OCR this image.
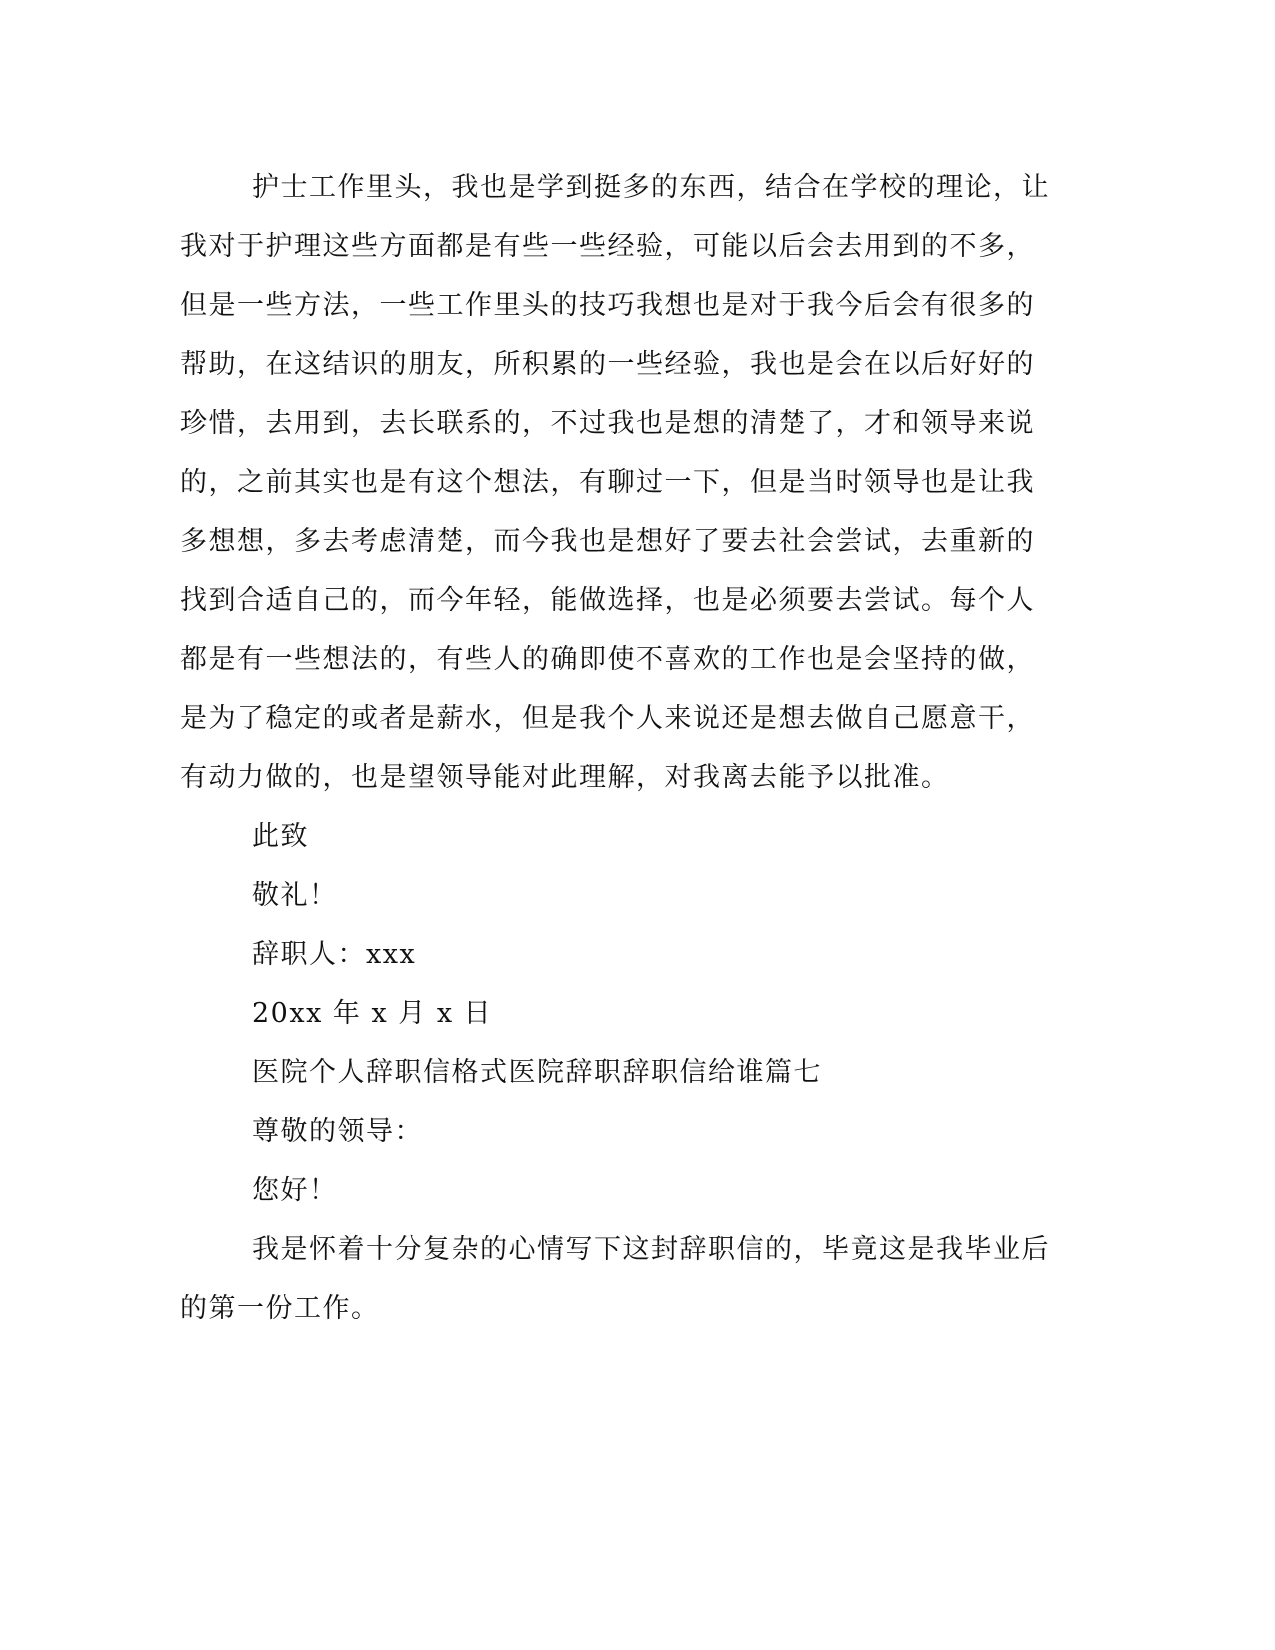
护士工作里头，我也是学到挺多的东西，结合在学校的理论，让
我对于护理这些方面都是有些一些经验，可能以后会去用到的不多，
但是一些方法，一些工作里头的技巧我想也是对于我今后会有很多的
帮助，在这结识的朋友，所积累的一些经验，我也是会在以后好好的
珍惜，去用到，去长联系的，不过我也是想的清楚了，才和领导来说
的，之前其实也是有这个想法，有聊过一下，但是当时领导也是让我
多想想，多去考虑清楚，而今我也是想好了要去社会尝试，去重新的
找到合适自己的，而今年轻，能做选择，也是必须要去尝试。每个人
都是有一些想法的，有些人的确即使不喜欢的工作也是会坚持的做，
是为了稳定的或者是薪水，但是我个人来说还是想去做自己愿意干，
有动力做的，也是望领导能对此理解，对我离去能予以批准。
此致
敬礼！
辞职人：xxx
20xx 年 x 月 x 日
医院个人辞职信格式医院辞职辞职信给谁篇七
尊敬的领导：
您好！
我是怀着十分复杂的心情写下这封辞职信的，毕竟这是我毕业后
的第一份工作。
